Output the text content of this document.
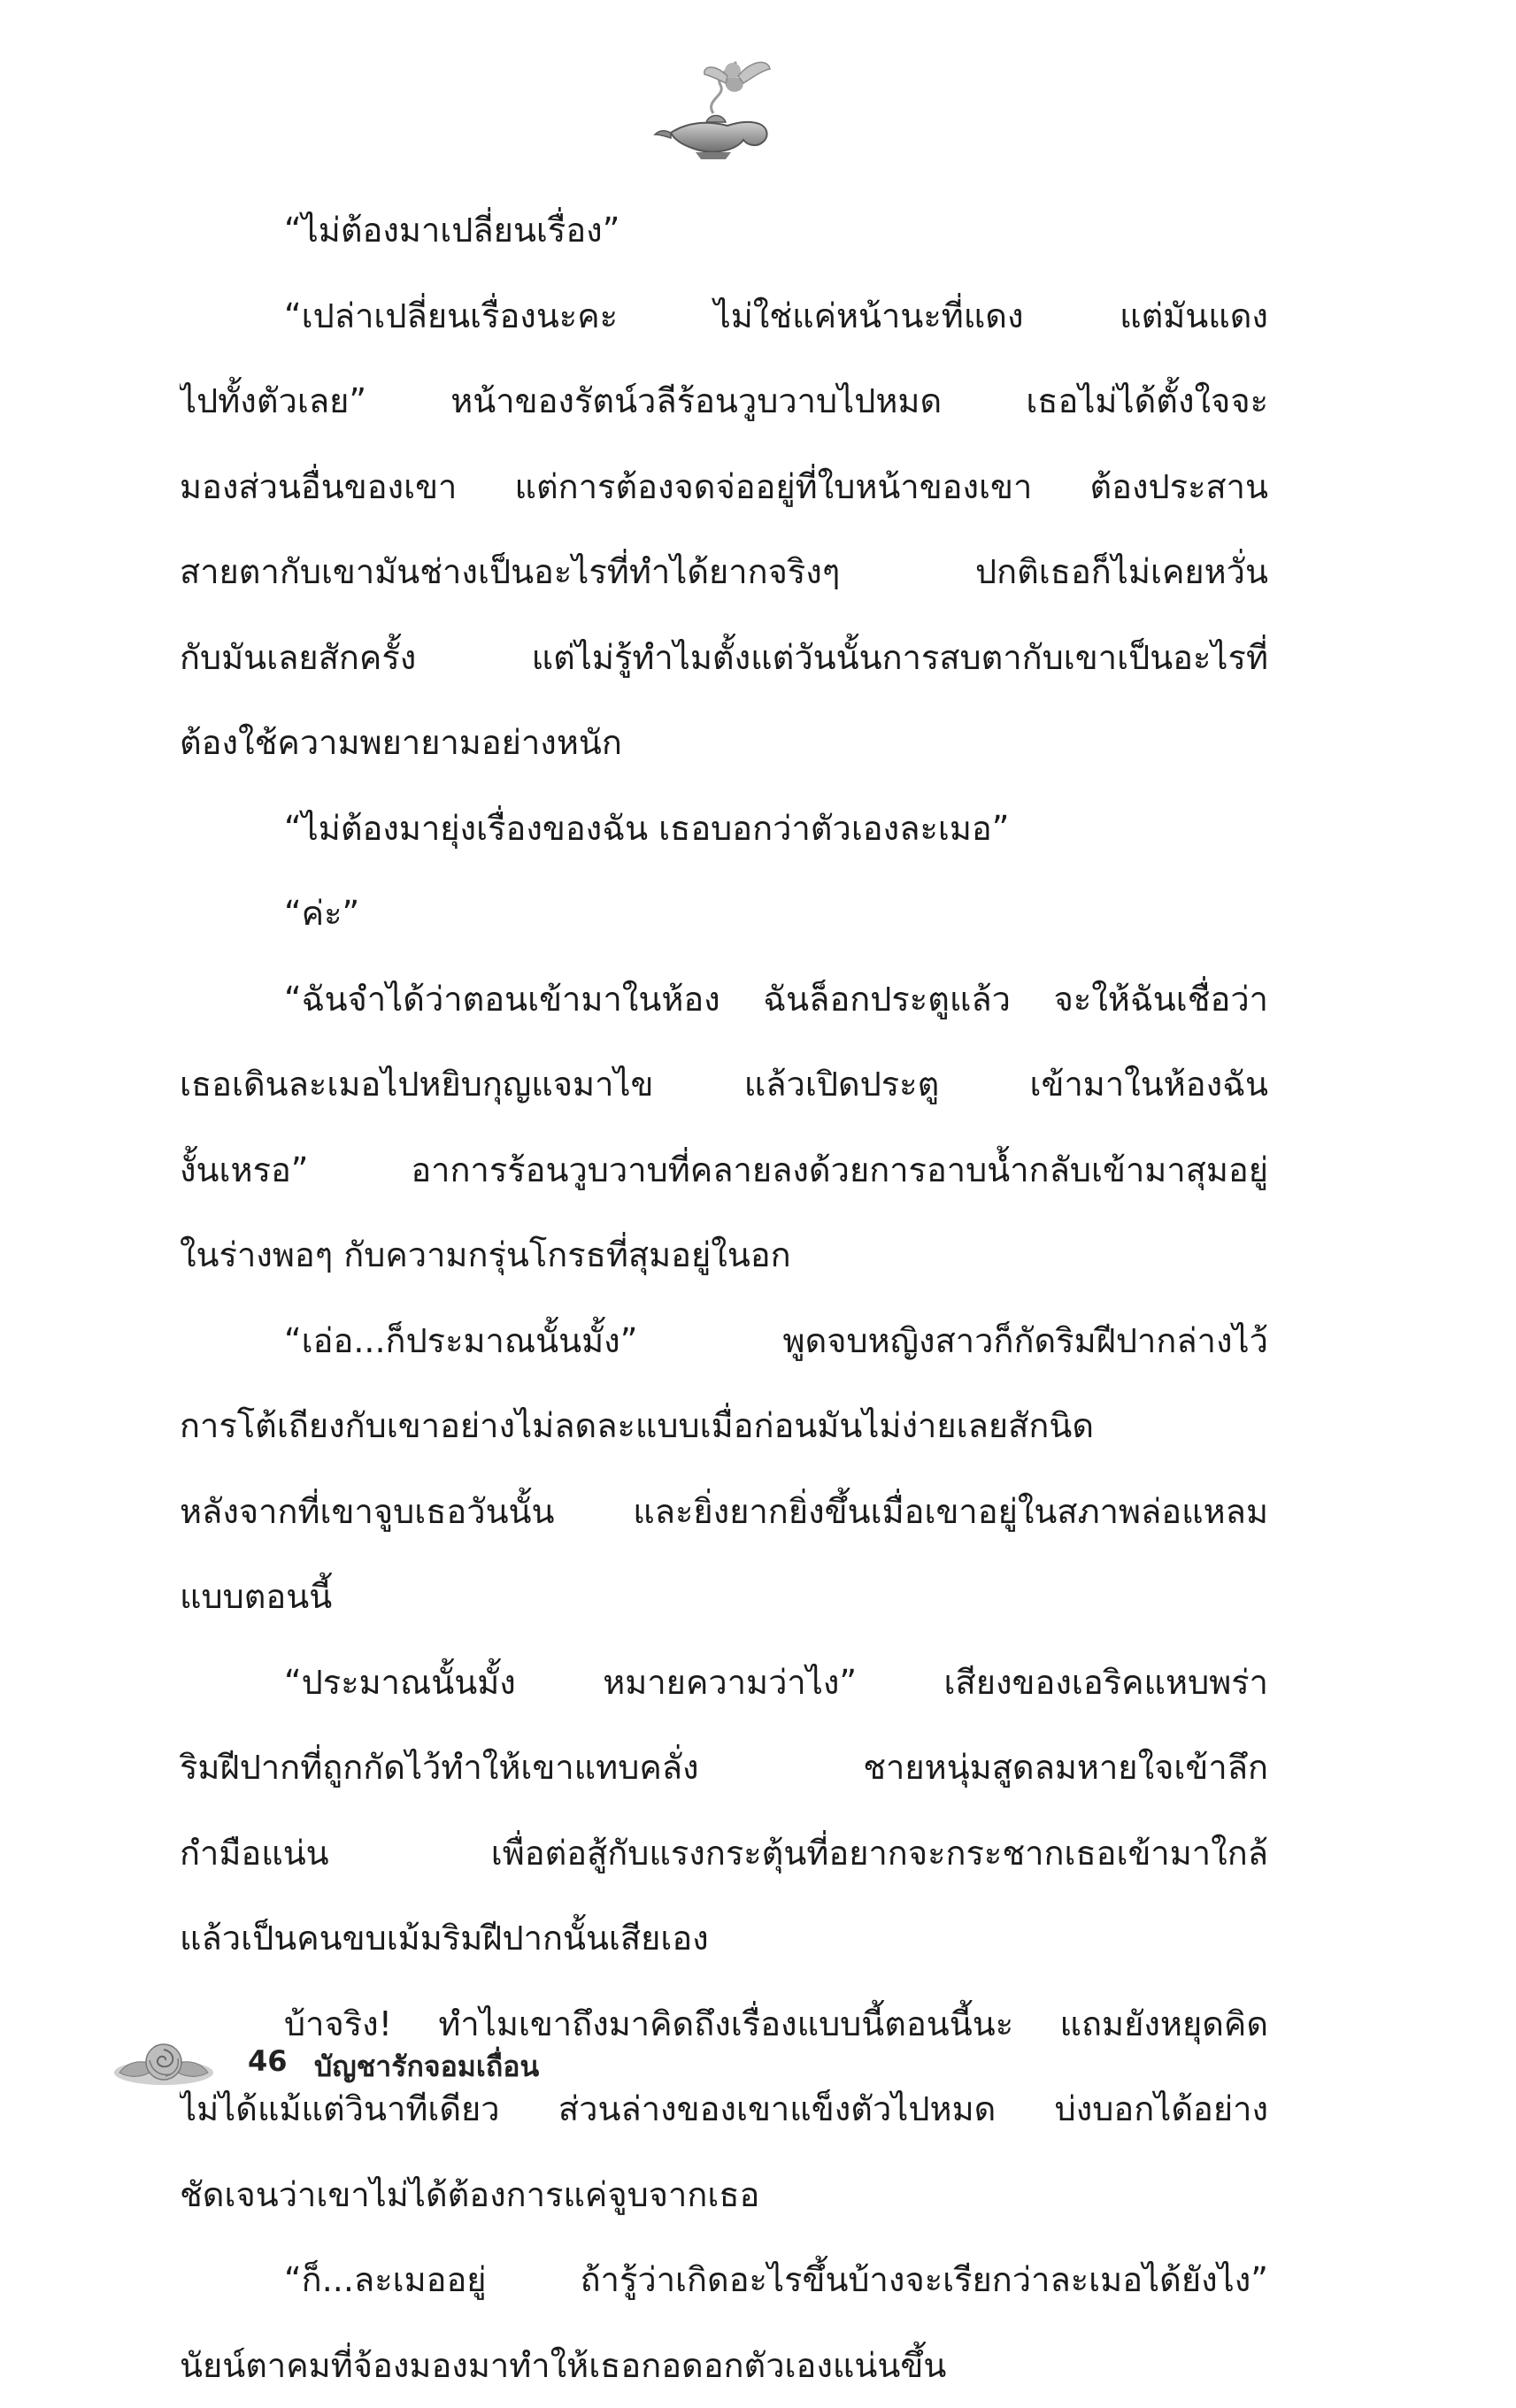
“ไม่ต้องมาเปลี่ยนเรื่อง”
“เปล่าเปลี่ยนเรื่องนะคะ ไม่ใช่แค่หน้านะที่แดง แต่มันแดง
ไปทั้งตัวเลย” หน้าของรัตน์วลีร้อนวูบวาบไปหมด เธอไม่ได้ตั้งใจจะ
มองส่วนอื่นของเขา แต่การต้องจดจ่ออยู่ที่ใบหน้าของเขา ต้องประสาน
สายตากับเขามันช่างเป็นอะไรที่ทำได้ยากจริงๆ ปกติเธอก็ไม่เคยหวั่น
กับมันเลยสักครั้ง แต่ไม่รู้ทำไมตั้งแต่วันนั้นการสบตากับเขาเป็นอะไรที่
ต้องใช้ความพยายามอย่างหนัก
“ไม่ต้องมายุ่งเรื่องของฉัน เธอบอกว่าตัวเองละเมอ”
“ค่ะ”
“ฉันจำได้ว่าตอนเข้ามาในห้อง ฉันล็อกประตูแล้ว จะให้ฉันเชื่อว่า
เธอเดินละเมอไปหยิบกุญแจมาไข แล้วเปิดประตู เข้ามาในห้องฉัน
งั้นเหรอ” อาการร้อนวูบวาบที่คลายลงด้วยการอาบน้ำกลับเข้ามาสุมอยู่
ในร่างพอๆ กับความกรุ่นโกรธที่สุมอยู่ในอก
“เอ่อ...ก็ประมาณนั้นมั้ง” พูดจบหญิงสาวก็กัดริมฝีปากล่างไว้
การโต้เถียงกับเขาอย่างไม่ลดละแบบเมื่อก่อนมันไม่ง่ายเลยสักนิด
หลังจากที่เขาจูบเธอวันนั้น และยิ่งยากยิ่งขึ้นเมื่อเขาอยู่ในสภาพล่อแหลม
แบบตอนนี้
“ประมาณนั้นมั้ง หมายความว่าไง” เสียงของเอริคแหบพร่า
ริมฝีปากที่ถูกกัดไว้ทำให้เขาแทบคลั่ง ชายหนุ่มสูดลมหายใจเข้าลึก
กำมือแน่น เพื่อต่อสู้กับแรงกระตุ้นที่อยากจะกระชากเธอเข้ามาใกล้
แล้วเป็นคนขบเม้มริมฝีปากนั้นเสียเอง
บ้าจริง! ทำไมเขาถึงมาคิดถึงเรื่องแบบนี้ตอนนี้นะ แถมยังหยุดคิด
ไม่ได้แม้แต่วินาทีเดียว ส่วนล่างของเขาแข็งตัวไปหมด บ่งบอกได้อย่าง
ชัดเจนว่าเขาไม่ได้ต้องการแค่จูบจากเธอ
“ก็...ละเมออยู่ ถ้ารู้ว่าเกิดอะไรขึ้นบ้างจะเรียกว่าละเมอได้ยังไง”
นัยน์ตาคมที่จ้องมองมาทำให้เธอกอดอกตัวเองแน่นขึ้น
46 บัญชารักจอมเถื่อน
